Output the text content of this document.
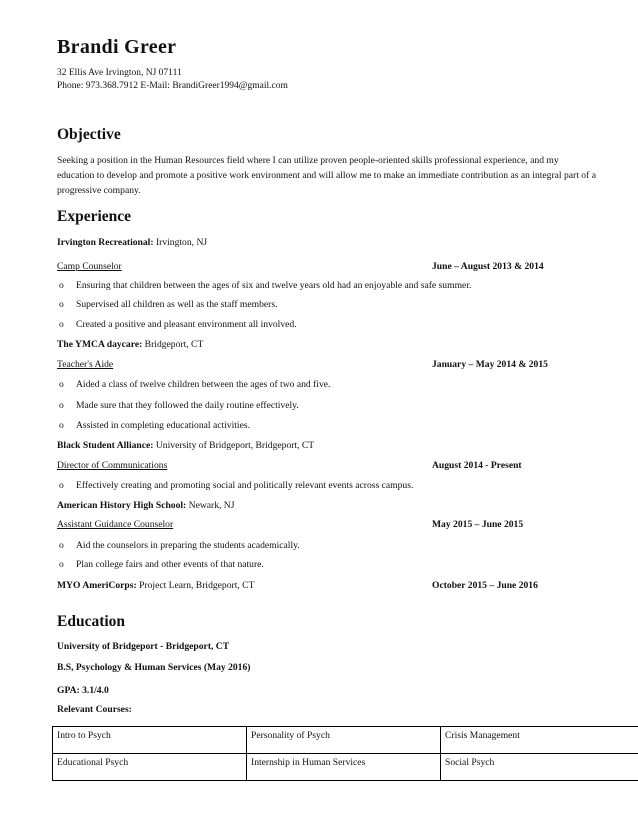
Brandi Greer
32 Ellis Ave Irvington, NJ 07111
Phone: 973.368.7912 E-Mail: BrandiGreer1994@gmail.com
Objective
Seeking a position in the Human Resources field where I can utilize proven people-oriented skills professional experience, and my education to develop and promote a positive work environment and will allow me to make an immediate contribution as an integral part of a progressive company.
Experience
Irvington Recreational: Irvington, NJ
Camp Counselor	June – August 2013 & 2014
o Ensuring that children between the ages of six and twelve years old had an enjoyable and safe summer.
o Supervised all children as well as the staff members.
o Created a positive and pleasant environment all involved.
The YMCA daycare: Bridgeport, CT
Teacher's Aide	January – May 2014 & 2015
o Aided a class of twelve children between the ages of two and five.
o Made sure that they followed the daily routine effectively.
o Assisted in completing educational activities.
Black Student Alliance: University of Bridgeport, Bridgeport, CT
Director of Communications	August 2014 - Present
o Effectively creating and promoting social and politically relevant events across campus.
American History High School: Newark, NJ
Assistant Guidance Counselor	May 2015 – June 2015
o Aid the counselors in preparing the students academically.
o Plan college fairs and other events of that nature.
MYO AmeriCorps: Project Learn, Bridgeport, CT	October 2015 – June 2016
Education
University of Bridgeport - Bridgeport, CT
B.S, Psychology & Human Services (May 2016)
GPA: 3.1/4.0
Relevant Courses:
Intro to Psych	Personality of Psych	Crisis Management
Educational Psych	Internship in Human Services	Social Psych
